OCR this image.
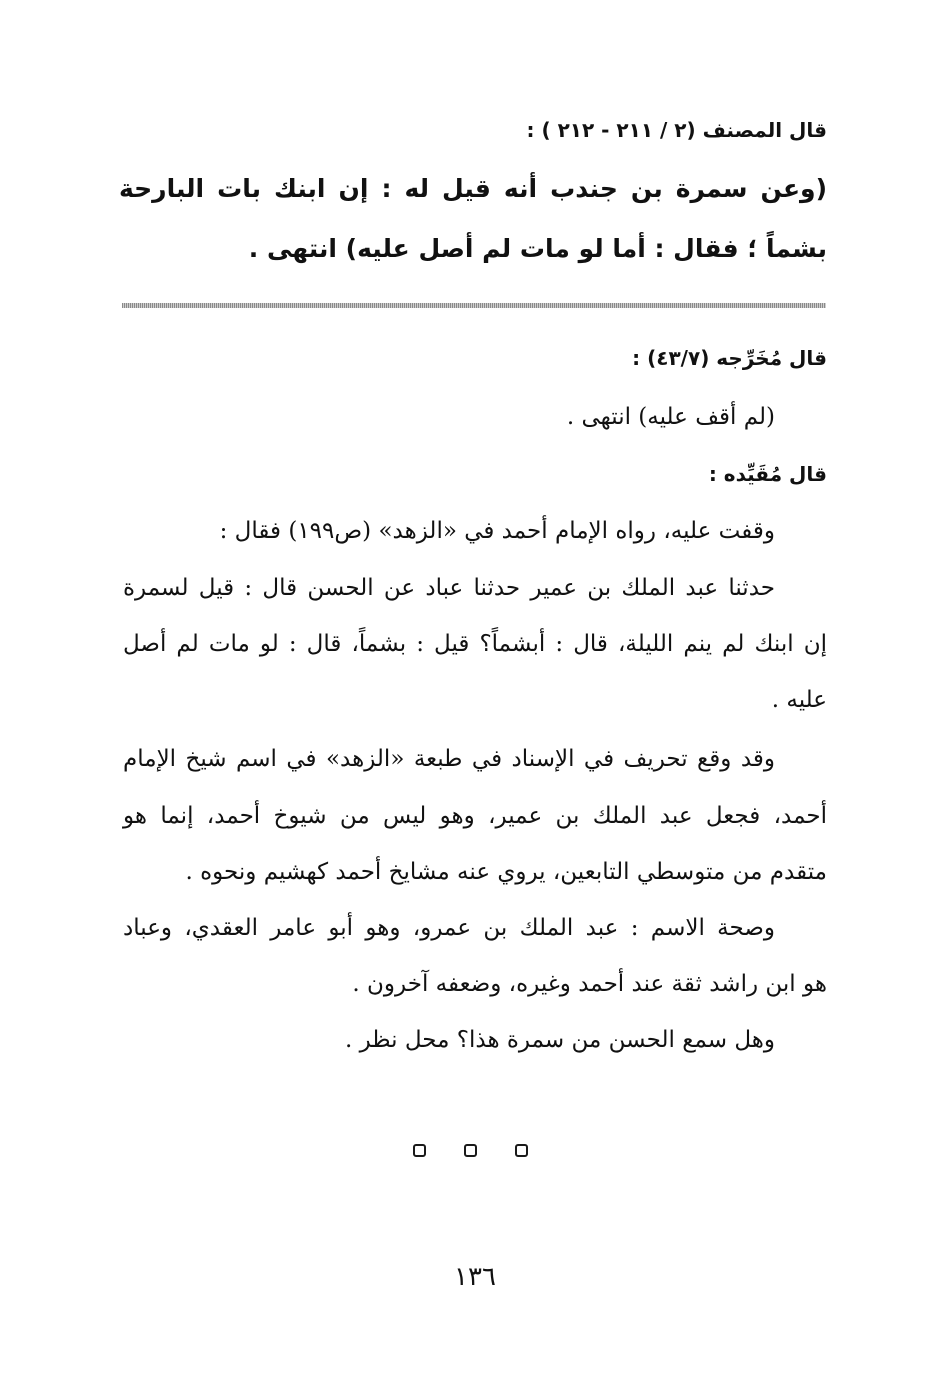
قال المصنف (٢ / ٢١١ - ٢١٢ ) :
(وعن سمرة بن جندب أنه قيل له : إن ابنك بات البارحة
بشماً ؛ فقال : أما لو مات لم أصل عليه) انتهى .
قال مُخَرِّجه (٤٣/٧) :
(لم أقف عليه) انتهى .
قال مُقَيِّده :
وقفت عليه، رواه الإمام أحمد في «الزهد» (ص١٩٩) فقال :
حدثنا عبد الملك بن عمير حدثنا عباد عن الحسن قال : قيل لسمرة
إن ابنك لم ينم الليلة، قال : أبشماً؟ قيل : بشماً، قال : لو مات لم أصل
عليه .
وقد وقع تحريف في الإسناد في طبعة «الزهد» في اسم شيخ الإمام
أحمد، فجعل عبد الملك بن عمير، وهو ليس من شيوخ أحمد، إنما هو
متقدم من متوسطي التابعين، يروي عنه مشايخ أحمد كهشيم ونحوه .
وصحة الاسم : عبد الملك بن عمرو، وهو أبو عامر العقدي، وعباد
هو ابن راشد ثقة عند أحمد وغيره، وضعفه آخرون .
وهل سمع الحسن من سمرة هذا؟ محل نظر .
١٣٦
